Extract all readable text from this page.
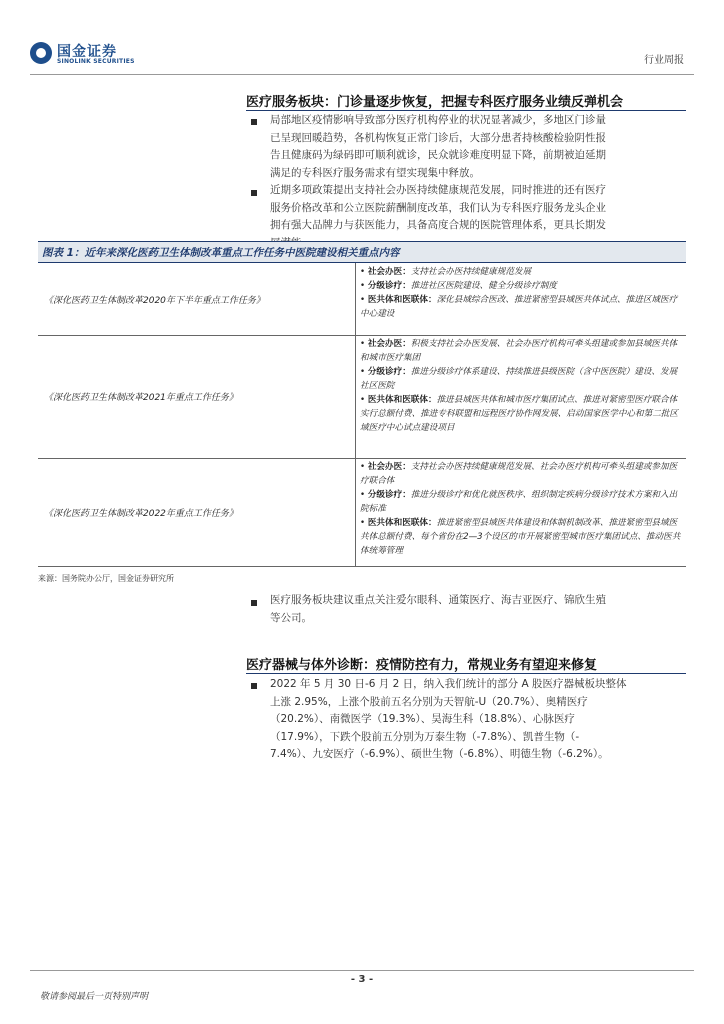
国金证券
SINOLINK SECURITIES	行业周报
医疗服务板块：门诊量逐步恢复，把握专科医疗服务业绩反弹机会
局部地区疫情影响导致部分医疗机构停业的状况显著减少，多地区门诊量
已呈现回暖趋势，各机构恢复正常门诊后，大部分患者持核酸检验阴性报
告且健康码为绿码即可顺利就诊，民众就诊难度明显下降，前期被迫延期
满足的专科医疗服务需求有望实现集中释放。
近期多项政策提出支持社会办医持续健康规范发展，同时推进的还有医疗
服务价格改革和公立医院薪酬制度改革，我们认为专科医疗服务龙头企业
拥有强大品牌力与获医能力，具备高度合规的医院管理体系，更具长期发
图表 1：近年来深化医药卫生体制改革重点工作任务中医院建设相关重点内容
《深化医药卫生体制改革2020年下半年重点工作任务》
• 社会办医：支持社会办医持续健康规范发展
• 分级诊疗：推进社区医院建设、健全分级诊疗制度
• 医共体和医联体：深化县域综合医改、推进紧密型县域医共体试点、推进区域医疗中心建设
《深化医药卫生体制改革2021年重点工作任务》
• 社会办医：积极支持社会办医发展、社会办医疗机构可牵头组建或参加县域医共体和城市医疗集团
• 分级诊疗：推进分级诊疗体系建设、持续推进县级医院（含中医医院）建设、发展社区医院
• 医共体和医联体：推进县域医共体和城市医疗集团试点、推进对紧密型医疗联合体实行总额付费、推进专科联盟和远程医疗协作网发展、启动国家医学中心和第二批区域医疗中心试点建设项目
《深化医药卫生体制改革2022年重点工作任务》
• 社会办医：支持社会办医持续健康规范发展、社会办医疗机构可牵头组建或参加医疗联合体
• 分级诊疗：推进分级诊疗和优化就医秩序、组织制定疾病分级诊疗技术方案和入出院标准
• 医共体和医联体：推进紧密型县域医共体建设和体制机制改革、推进紧密型县域医共体总额付费、每个省份在2—3个设区的市开展紧密型城市医疗集团试点、推动医共体统筹管理
来源：国务院办公厅，国金证券研究所
医疗服务板块建议重点关注爱尔眼科、通策医疗、海吉亚医疗、锦欣生殖
等公司。
医疗器械与体外诊断：疫情防控有力，常规业务有望迎来修复
2022 年 5 月 30 日-6 月 2 日，纳入我们统计的部分 A 股医疗器械板块整体
上涨 2.95%，上涨个股前五名分别为天智航-U（20.7%）、奥精医疗
（20.2%）、南微医学（19.3%）、昊海生科（18.8%）、心脉医疗
（17.9%），下跌个股前五分别为万泰生物（-7.8%）、凯普生物（-
7.4%）、九安医疗（-6.9%）、硕世生物（-6.8%）、明德生物（-6.2%）。
- 3 -
敬请参阅最后一页特别声明
